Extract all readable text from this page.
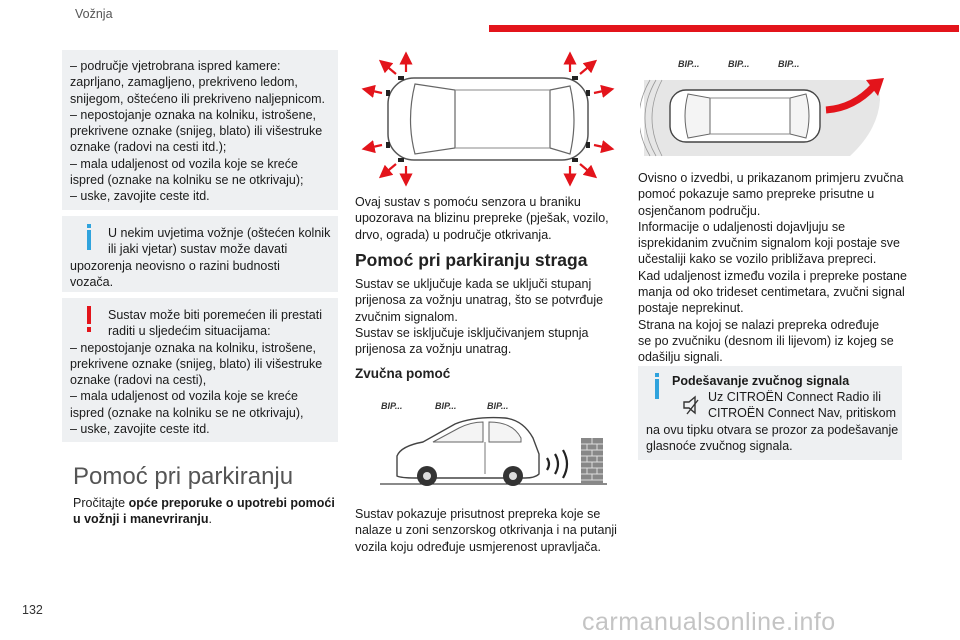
Vožnja
– područje vjetrobrana ispred kamere:
zaprljano, zamagljeno, prekriveno ledom,
snijegom, oštećeno ili prekriveno naljepnicom.
– nepostojanje oznaka na kolniku, istrošene,
prekrivene oznake (snijeg, blato) ili višestruke
oznake (radovi na cesti itd.);
– mala udaljenost od vozila koje se kreće
ispred (oznake na kolniku se ne otkrivaju);
– uske, zavojite ceste itd.
U nekim uvjetima vožnje (oštećen kolnik
ili jaki vjetar) sustav može davati
upozorenja neovisno o razini budnosti
vozača.
Sustav može biti poremećen ili prestati
raditi u sljedećim situacijama:
– nepostojanje oznaka na kolniku, istrošene,
prekrivene oznake (snijeg, blato) ili višestruke
oznake (radovi na cesti),
– mala udaljenost od vozila koje se kreće
ispred (oznake na kolniku se ne otkrivaju),
– uske, zavojite ceste itd.
Pomoć pri parkiranju
Pročitajte opće preporuke o upotrebi pomoći
u vožnji i manevriranju.
Ovaj sustav s pomoću senzora u braniku
upozorava na blizinu prepreke (pješak, vozilo,
drvo, ograda) u područje otkrivanja.
Pomoć pri parkiranju straga
Sustav se uključuje kada se uključi stupanj
prijenosa za vožnju unatrag, što se potvrđuje
zvučnim signalom.
Sustav se isključuje isključivanjem stupnja
prijenosa za vožnju unatrag.
Zvučna pomoć
BIP...	BIP...	BIP...
Sustav pokazuje prisutnost prepreka koje se
nalaze u zoni senzorskog otkrivanja i na putanji
vozila koju određuje usmjerenost upravljača.
BIP...	BIP...	BIP...
Ovisno o izvedbi, u prikazanom primjeru zvučna
pomoć pokazuje samo prepreke prisutne u
osjenčanom području.
Informacije o udaljenosti dojavljuju se
isprekidanim zvučnim signalom koji postaje sve
učestaliji kako se vozilo približava prepreci.
Kad udaljenost između vozila i prepreke postane
manja od oko trideset centimetara, zvučni signal
postaje neprekinut.
Strana na kojoj se nalazi prepreka određuje
se po zvučniku (desnom ili lijevom) iz kojeg se
odašilju signali.
Podešavanje zvučnog signala
Uz CITROËN Connect Radio ili
CITROËN Connect Nav, pritiskom
na ovu tipku otvara se prozor za podešavanje
glasnoće zvučnog signala.
132	carmanualsonline.info
